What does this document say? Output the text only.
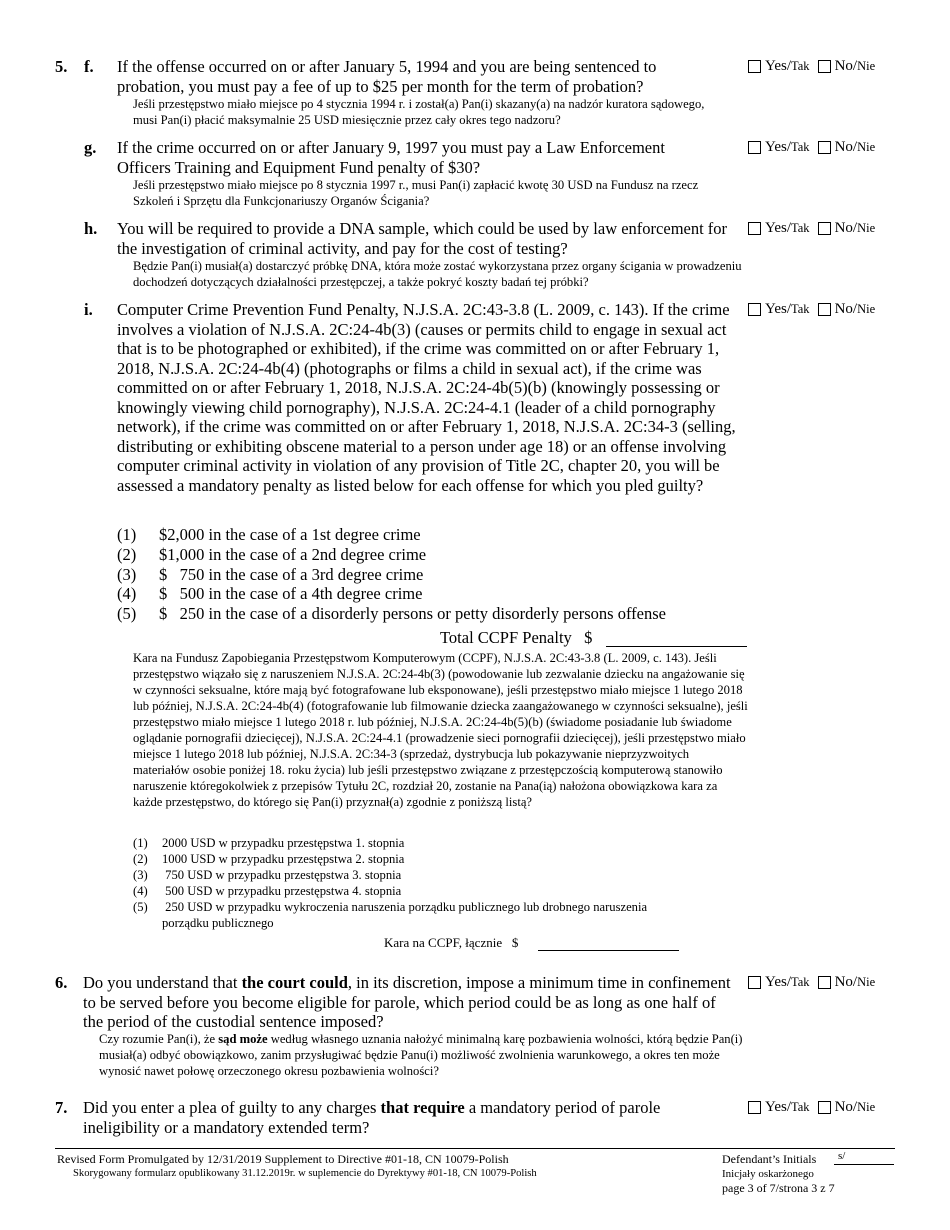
5. f. If the offense occurred on or after January 5, 1994 and you are being sentenced to probation, you must pay a fee of up to $25 per month for the term of probation?
Jeśli przestępstwo miało miejsce po 4 stycznia 1994 r. i został(a) Pan(i) skazany(a) na nadzór kuratora sądowego, musi Pan(i) płacić maksymalnie 25 USD miesięcznie przez cały okres tego nadzoru?
Yes/ Tak No/ Nie
g. If the crime occurred on or after January 9, 1997 you must pay a Law Enforcement Officers Training and Equipment Fund penalty of $30?
Jeśli przestępstwo miało miejsce po 8 stycznia 1997 r., musi Pan(i) zapłacić kwotę 30 USD na Fundusz na rzecz Szkoleń i Sprzętu dla Funkcjonariuszy Organów Ścigania?
Yes/ Tak No/ Nie
h. You will be required to provide a DNA sample, which could be used by law enforcement for the investigation of criminal activity, and pay for the cost of testing?
Będzie Pan(i) musiał(a) dostarczyć próbkę DNA, która może zostać wykorzystana przez organy ścigania w prowadzeniu dochodzeń dotyczących działalności przestępczej, a także pokryć koszty badań tej próbki?
Yes/ Tak No/ Nie
i. Computer Crime Prevention Fund Penalty, N.J.S.A. 2C:43-3.8 (L. 2009, c. 143). If the crime involves a violation of N.J.S.A. 2C:24-4b(3) (causes or permits child to engage in sexual act that is to be photographed or exhibited), if the crime was committed on or after February 1, 2018, N.J.S.A. 2C:24-4b(4) (photographs or films a child in sexual act), if the crime was committed on or after February 1, 2018, N.J.S.A. 2C:24-4b(5)(b) (knowingly possessing or knowingly viewing child pornography), N.J.S.A. 2C:24-4.1 (leader of a child pornography network), if the crime was committed on or after February 1, 2018, N.J.S.A. 2C:34-3 (selling, distributing or exhibiting obscene material to a person under age 18) or an offense involving computer criminal activity in violation of any provision of Title 2C, chapter 20, you will be assessed a mandatory penalty as listed below for each offense for which you pled guilty?
Yes/ Tak No/ Nie
(1) $2,000 in the case of a 1st degree crime
(2) $1,000 in the case of a 2nd degree crime
(3) $   750 in the case of a 3rd degree crime
(4) $   500 in the case of a 4th degree crime
(5) $   250 in the case of a disorderly persons or petty disorderly persons offense
Total CCPF Penalty   $
Kara na Fundusz Zapobiegania Przestępstwom Komputerowym (CCPF), N.J.S.A. 2C:43-3.8 (L. 2009, c. 143). Jeśli przestępstwo wiązało się z naruszeniem N.J.S.A. 2C:24-4b(3) (powodowanie lub zezwalanie dziecku na angażowanie się w czynności seksualne, które mają być fotografowane lub eksponowane), jeśli przestępstwo miało miejsce 1 lutego 2018 lub później, N.J.S.A. 2C:24-4b(4) (fotografowanie lub filmowanie dziecka zaangażowanego w czynności seksualne), jeśli przestępstwo miało miejsce 1 lutego 2018 r. lub później, N.J.S.A. 2C:24-4b(5)(b) (świadome posiadanie lub świadome oglądanie pornografii dziecięcej), N.J.S.A. 2C:24-4.1 (prowadzenie sieci pornografii dziecięcej), jeśli przestępstwo miało miejsce 1 lutego 2018 lub później, N.J.S.A. 2C:34-3 (sprzedaż, dystrybucja lub pokazywanie nieprzyzwoitych materiałów osobie poniżej 18. roku życia) lub jeśli przestępstwo związane z przestępczością komputerową stanowiło naruszenie któregokolwiek z przepisów Tytułu 2C, rozdział 20, zostanie na Pana(ią) nałożona obowiązkowa kara za każde przestępstwo, do którego się Pan(i) przyznał(a) zgodnie z poniższą listą?
(1) 2000 USD w przypadku przestępstwa 1. stopnia
(2) 1000 USD w przypadku przestępstwa 2. stopnia
(3) 750 USD w przypadku przestępstwa 3. stopnia
(4) 500 USD w przypadku przestępstwa 4. stopnia
(5) 250 USD w przypadku wykroczenia naruszenia porządku publicznego lub drobnego naruszenia
porządku publicznego
Kara na CCPF, łącznie   $
6. Do you understand that the court could, in its discretion, impose a minimum time in confinement to be served before you become eligible for parole, which period could be as long as one half of the period of the custodial sentence imposed?
Czy rozumie Pan(i), że sąd może według własnego uznania nałożyć minimalną karę pozbawienia wolności, którą będzie Pan(i) musiał(a) odbyć obowiązkowo, zanim przysługiwać będzie Panu(i) możliwość zwolnienia warunkowego, a okres ten może wynosić nawet połowę orzeczonego okresu pozbawienia wolności?
Yes/ Tak No/ Nie
7. Did you enter a plea of guilty to any charges that require a mandatory period of parole ineligibility or a mandatory extended term?
Yes/ Tak No/ Nie
Revised Form Promulgated by 12/31/2019 Supplement to Directive #01-18, CN 10079-Polish
Skorygowany formularz opublikowany 31.12.2019r. w suplemencie do Dyrektywy #01-18, CN 10079-Polish
Defendant’s Initials s/
Inicjały oskarżonego
page 3 of 7/strona 3 z 7
